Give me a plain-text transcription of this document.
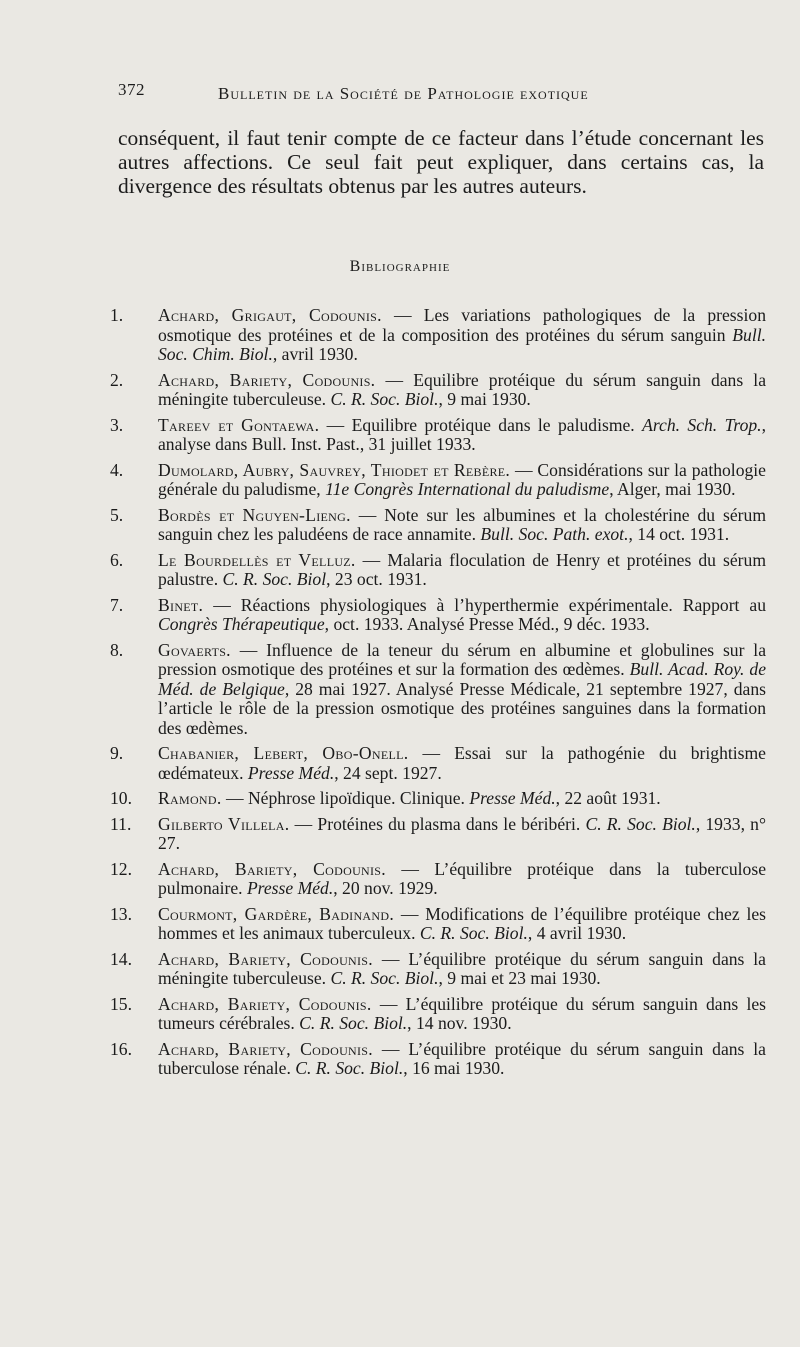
372	Bulletin de la Société de Pathologie exotique

conséquent, il faut tenir compte de ce facteur dans l’étude concernant les autres affections. Ce seul fait peut expliquer, dans certains cas, la divergence des résultats obtenus par les autres auteurs.

Bibliographie
1.	Achard, Grigaut, Codounis. — Les variations pathologiques de la pression osmotique des protéines et de la composition des protéines du sérum sanguin Bull. Soc. Chim. Biol., avril 1930.
2.	Achard, Bariety, Codounis. — Equilibre protéique du sérum sanguin dans la méningite tuberculeuse. C. R. Soc. Biol., 9 mai 1930.
3.	Tareev et Gontaewa. — Equilibre protéique dans le paludisme. Arch. Sch. Trop., analyse dans Bull. Inst. Past., 31 juillet 1933.
4.	Dumolard, Aubry, Sauvrey, Thiodet et Rebère. — Considérations sur la pathologie générale du paludisme, 11e Congrès International du paludisme, Alger, mai 1930.
5.	Bordès et Nguyen-Lieng. — Note sur les albumines et la cholestérine du sérum sanguin chez les paludéens de race annamite. Bull. Soc. Path. exot., 14 oct. 1931.
6.	Le Bourdellès et Velluz. — Malaria floculation de Henry et protéines du sérum palustre. C. R. Soc. Biol, 23 oct. 1931.
7.	Binet. — Réactions physiologiques à l’hyperthermie expérimentale. Rapport au Congrès Thérapeutique, oct. 1933. Analysé Presse Méd., 9 déc. 1933.
8.	Govaerts. — Influence de la teneur du sérum en albumine et globulines sur la pression osmotique des protéines et sur la formation des œdèmes. Bull. Acad. Roy. de Méd. de Belgique, 28 mai 1927. Analysé Presse Médicale, 21 septembre 1927, dans l’article le rôle de la pression osmotique des protéines sanguines dans la formation des œdèmes.
9.	Chabanier, Lebert, Obo-Onell. — Essai sur la pathogénie du brightisme œdémateux. Presse Méd., 24 sept. 1927.
10.	Ramond. — Néphrose lipoïdique. Clinique. Presse Méd., 22 août 1931.
11.	Gilberto Villela. — Protéines du plasma dans le béribéri. C. R. Soc. Biol., 1933, n° 27.
12.	Achard, Bariety, Codounis. — L’équilibre protéique dans la tuberculose pulmonaire. Presse Méd., 20 nov. 1929.
13.	Courmont, Gardère, Badinand. — Modifications de l’équilibre protéique chez les hommes et les animaux tuberculeux. C. R. Soc. Biol., 4 avril 1930.
14.	Achard, Bariety, Codounis. — L’équilibre protéique du sérum sanguin dans la méningite tuberculeuse. C. R. Soc. Biol., 9 mai et 23 mai 1930.
15.	Achard, Bariety, Codounis. — L’équilibre protéique du sérum sanguin dans les tumeurs cérébrales. C. R. Soc. Biol., 14 nov. 1930.
16.	Achard, Bariety, Codounis. — L’équilibre protéique du sérum sanguin dans la tuberculose rénale. C. R. Soc. Biol., 16 mai 1930.
